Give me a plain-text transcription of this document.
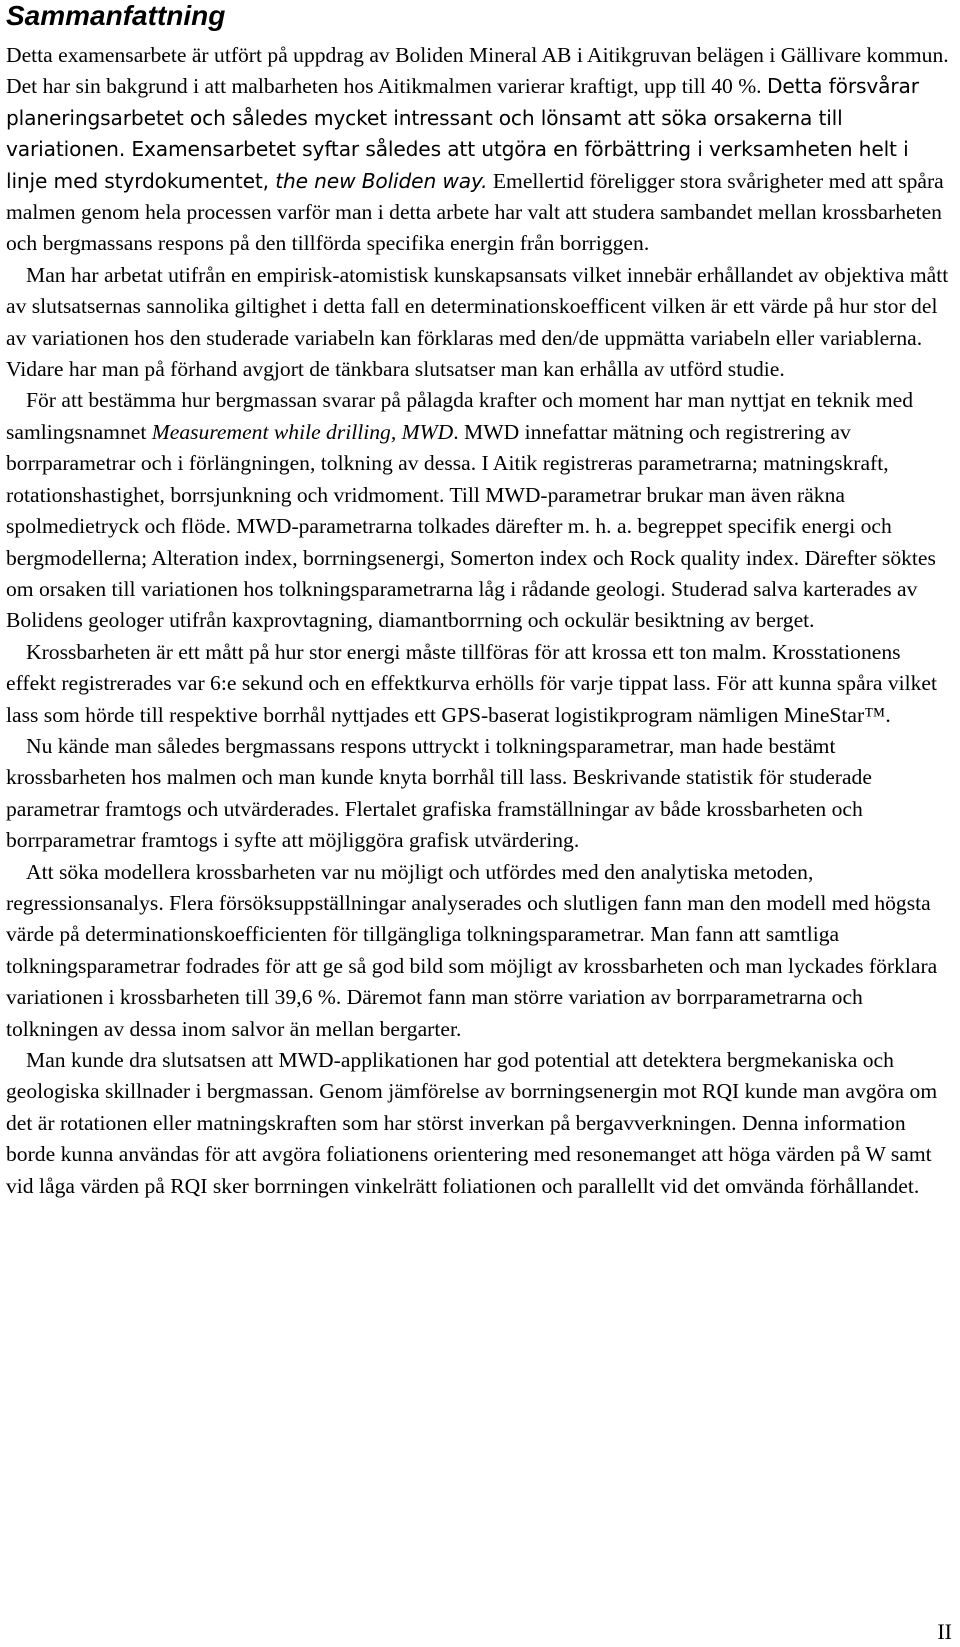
Sammanfattning

Detta examensarbete är utfört på uppdrag av Boliden Mineral AB i Aitikgruvan belägen i Gällivare kommun. Det har sin bakgrund i att malbarheten hos Aitikmalmen varierar kraftigt, upp till 40 %. Detta försvårar planeringsarbetet och således mycket intressant och lönsamt att söka orsakerna till variationen. Examensarbetet syftar således att utgöra en förbättring i verksamheten helt i linje med styrdokumentet, the new Boliden way. Emellertid föreligger stora svårigheter med att spåra malmen genom hela processen varför man i detta arbete har valt att studera sambandet mellan krossbarheten och bergmassans respons på den tillförda specifika energin från borriggen.

Man har arbetat utifrån en empirisk-atomistisk kunskapsansats vilket innebär erhållandet av objektiva mått av slutsatsernas sannolika giltighet i detta fall en determinationskoefficent vilken är ett värde på hur stor del av variationen hos den studerade variabeln kan förklaras med den/de uppmätta variabeln eller variablerna. Vidare har man på förhand avgjort de tänkbara slutsatser man kan erhålla av utförd studie.

För att bestämma hur bergmassan svarar på pålagda krafter och moment har man nyttjat en teknik med samlingsnamnet Measurement while drilling, MWD. MWD innefattar mätning och registrering av borrparametrar och i förlängningen, tolkning av dessa. I Aitik registreras parametrarna; matningskraft, rotationshastighet, borrsjunkning och vridmoment. Till MWD-parametrar brukar man även räkna spolmedietryck och flöde. MWD-parametrarna tolkades därefter m. h. a. begreppet specifik energi och bergmodellerna; Alteration index, borrningsenergi, Somerton index och Rock quality index. Därefter söktes om orsaken till variationen hos tolkningsparametrarna låg i rådande geologi. Studerad salva karterades av Bolidens geologer utifrån kaxprovtagning, diamantborrning och ockulär besiktning av berget.

Krossbarheten är ett mått på hur stor energi måste tillföras för att krossa ett ton malm. Krosstationens effekt registrerades var 6:e sekund och en effektkurva erhölls för varje tippat lass. För att kunna spåra vilket lass som hörde till respektive borrhål nyttjades ett GPS-baserat logistikprogram nämligen MineStar™.

Nu kände man således bergmassans respons uttryckt i tolkningsparametrar, man hade bestämt krossbarheten hos malmen och man kunde knyta borrhål till lass. Beskrivande statistik för studerade parametrar framtogs och utvärderades. Flertalet grafiska framställningar av både krossbarheten och borrparametrar framtogs i syfte att möjliggöra grafisk utvärdering.

Att söka modellera krossbarheten var nu möjligt och utfördes med den analytiska metoden, regressionsanalys. Flera försöksuppställningar analyserades och slutligen fann man den modell med högsta värde på determinationskoefficienten för tillgängliga tolkningsparametrar. Man fann att samtliga tolkningsparametrar fodrades för att ge så god bild som möjligt av krossbarheten och man lyckades förklara variationen i krossbarheten till 39,6 %. Däremot fann man större variation av borrparametrarna och tolkningen av dessa inom salvor än mellan bergarter.

Man kunde dra slutsatsen att MWD-applikationen har god potential att detektera bergmekaniska och geologiska skillnader i bergmassan. Genom jämförelse av borrningsenergin mot RQI kunde man avgöra om det är rotationen eller matningskraften som har störst inverkan på bergavverkningen. Denna information borde kunna användas för att avgöra foliationens orientering med resonemanget att höga värden på W samt vid låga värden på RQI sker borrningen vinkelrätt foliationen och parallellt vid det omvända förhållandet.

II
